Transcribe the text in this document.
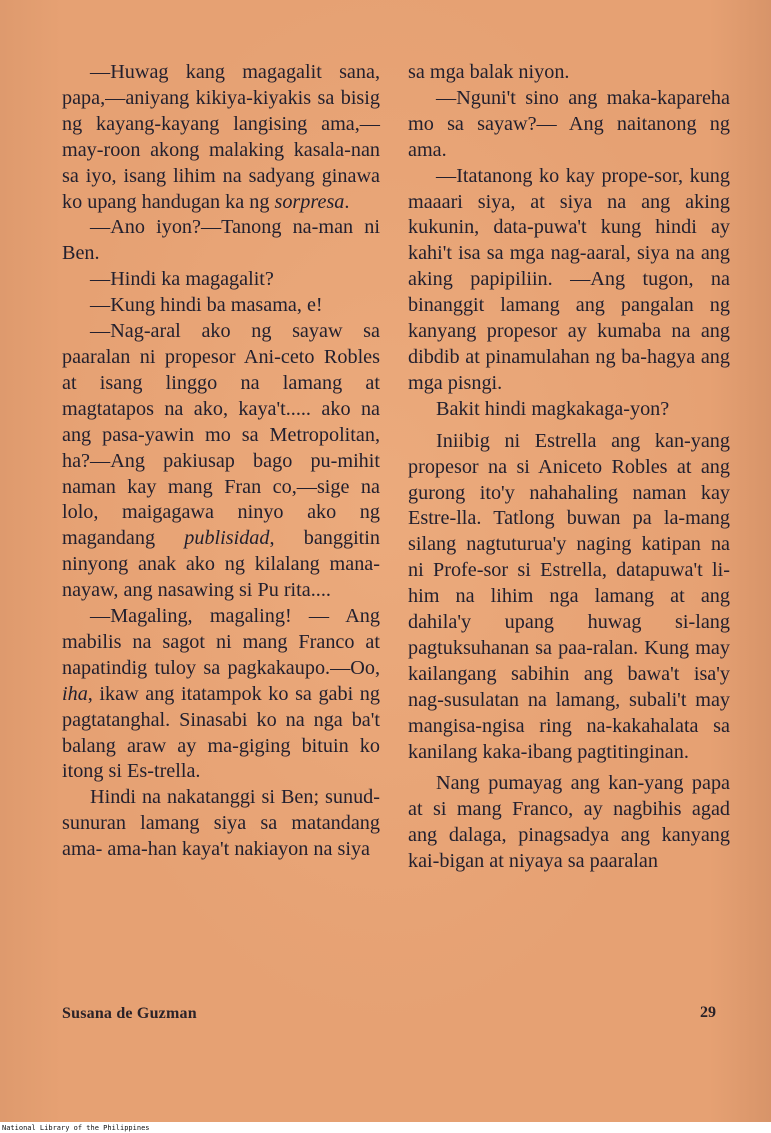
—Huwag kang magagalit sana, papa,—aniyang kikiya-kiyakis sa bisig ng kayang-kayang langising ama,—may-roon akong malaking kasala-nan sa iyo, isang lihim na sadyang ginawa ko upang handugan ka ng sorpresa.

—Ano iyon?—Tanong na-man ni Ben.

—Hindi ka magagalit?

—Kung hindi ba masama, e!

—Nag-aral ako ng sayaw sa paaralan ni propesor Ani-ceto Robles at isang linggo na lamang at magtatapos na ako, kaya't..... ako na ang pasa-yawin mo sa Metropolitan, ha?—Ang pakiusap bago pu-mihit naman kay mang Fran co,—sige na lolo, maigagawa ninyo ako ng magandang publisidad, banggitin ninyong anak ako ng kilalang mana-nayaw, ang nasawing si Pu rita....

—Magaling, magaling! — Ang mabilis na sagot ni mang Franco at napatindig tuloy sa pagkakaupo.—Oo, iha, ikaw ang itatampok ko sa gabi ng pagtatanghal. Sinasabi ko na nga ba't balang araw ay ma-giging bituin ko itong si Es-trella.

Hindi na nakatanggi si Ben; sunud-sunuran lamang siya sa matandang ama- ama-han kaya't nakiayon na siya

sa mga balak niyon.

—Nguni't sino ang maka-kapareha mo sa sayaw?— Ang naitanong ng ama.

—Itatanong ko kay prope-sor, kung maaari siya, at siya na ang aking kukunin, data-puwa't kung hindi ay kahi't isa sa mga nag-aaral, siya na ang aking papipiliin. —Ang tugon, na binanggit lamang ang pangalan ng kanyang propesor ay kumaba na ang dibdib at pinamulahan ng ba-hagya ang mga pisngi.

Bakit hindi magkakaga-yon?

Iniibig ni Estrella ang kan-yang propesor na si Aniceto Robles at ang gurong ito'y nahahaling naman kay Estre-lla. Tatlong buwan pa la-mang silang nagtuturua'y naging katipan na ni Profe-sor si Estrella, datapuwa't li-him na lihim nga lamang at ang dahila'y upang huwag si-lang pagtuksuhanan sa paa-ralan. Kung may kailangang sabihin ang bawa't isa'y nag-susulatan na lamang, subali't may mangisa-ngisa ring na-kakahalata sa kanilang kaka-ibang pagtitinginan.

Nang pumayag ang kan-yang papa at si mang Franco, ay nagbihis agad ang dalaga, pinagsadya ang kanyang kai-bigan at niyaya sa paaralan

Susana de Guzman	29
National Library of the Philippines
